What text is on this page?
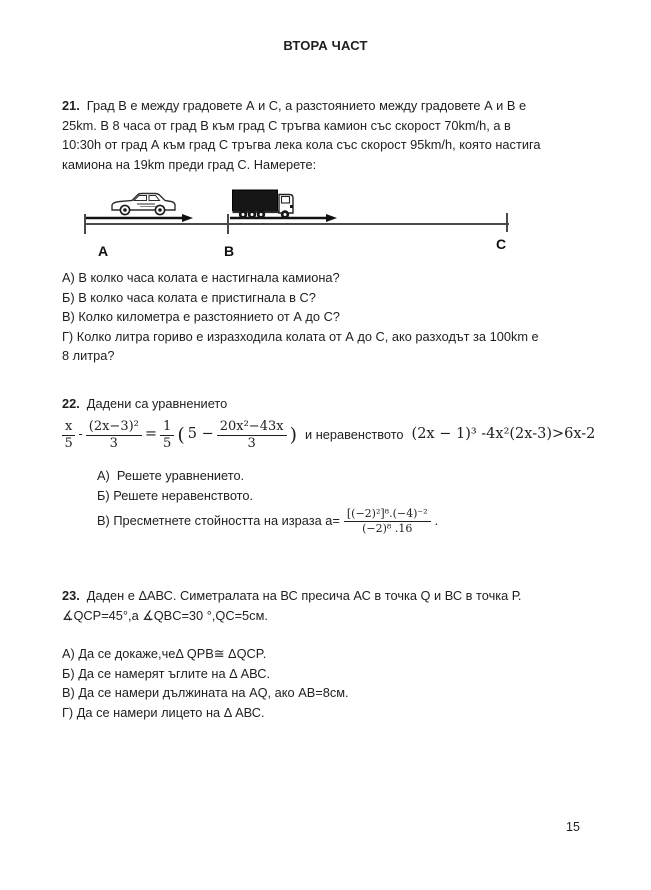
ВТОРА ЧАСТ
21. Град В е между градовете А и С, а разстоянието между градовете А и В е
25km. В 8 часа от град В към град С тръгва камион със скорост 70km/h, а в
10:30h от град А към град С тръгва лека кола със скорост 95km/h, която настига
камиона на 19km преди град С. Намерете:
A	B	C
А) В колко часа колата е настигнала камиона?
Б) В колко часа колата е пристигнала в С?
В) Колко километра е разстоянието от А до С?
Г) Колко литра гориво е изразходила колата от А до С, ако разходът за 100km е
8 литра?
22. Дадени са уравнението
$\frac{x}{5} - \frac{\text{(2x−3)²}}{3} = \frac{1}{5}$ ( $5 - \frac{\text{20x²−43x}}{3}$ ) и неравенството (2x − 1)³ -4x²(2x-3)>6x-2
А)  Решете уравнението.
Б) Решете неравенството.
В) Пресметнете стойността на израза $a= \frac{\text{[(−2)²]⁸.(−4)⁻²}}{\text{(−2)⁸ .16}}$ .
23. Даден е ΔАВС. Симетралата на ВС пресича АС в точка Q и ВС в точка Р.
∡QCP=45°,а ∡QBC=30 °,QC=5см.
А) Да се докаже,чеΔ QPB≅ ΔQCP.
Б) Да се намерят ъглите на Δ АВС.
В) Да се намери дължината на AQ, ако АВ=8см.
Г) Да се намери лицето на Δ АВС.
15
